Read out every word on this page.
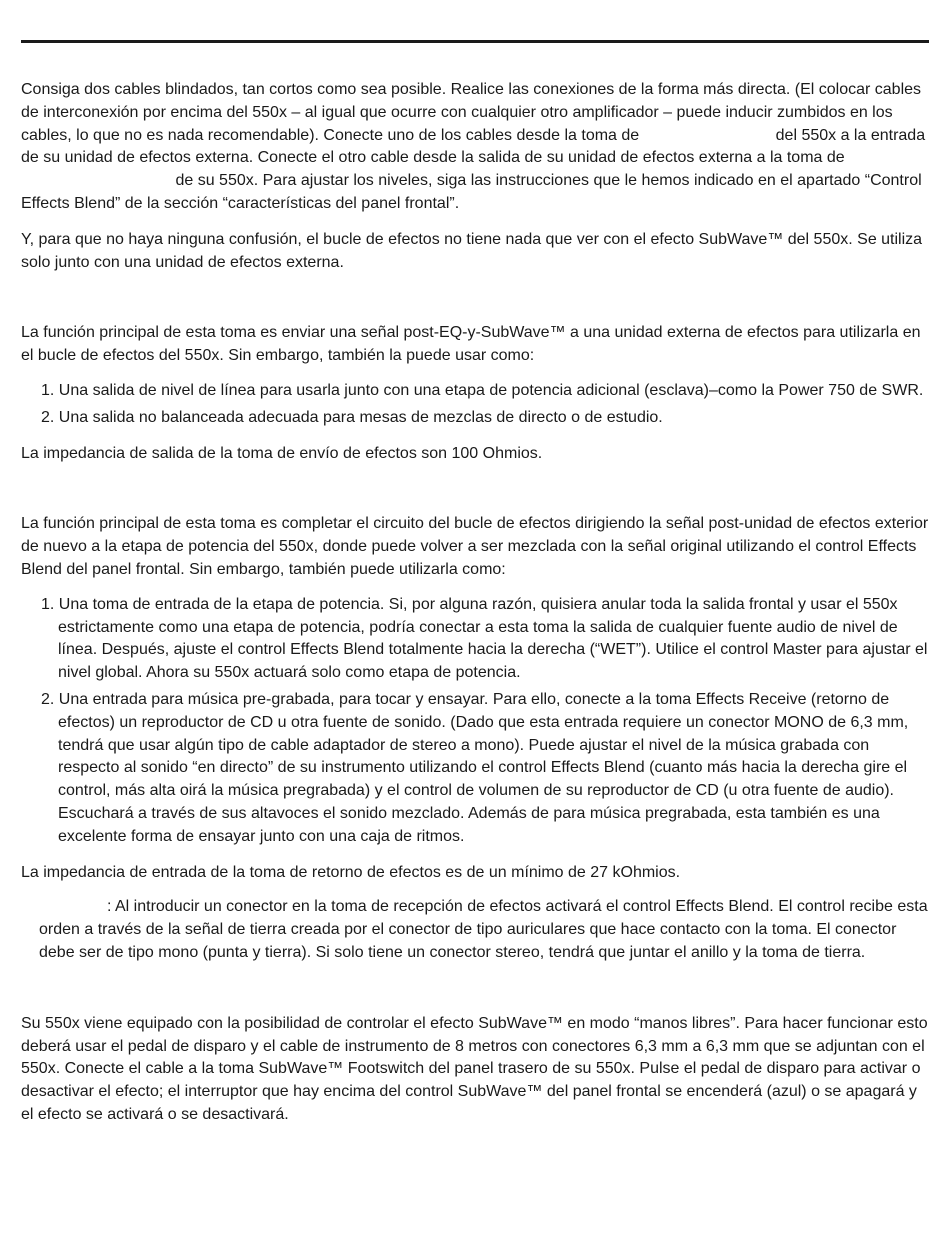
Consiga dos cables blindados, tan cortos como sea posible. Realice las conexiones de la forma más directa. (El colocar cables de interconexión por encima del 550x – al igual que ocurre con cualquier otro amplificador – puede inducir zumbidos en los cables, lo que no es nada recomendable). Conecte uno de los cables desde la toma de	del 550x a la entrada de su unidad de efectos externa. Conecte el otro cable desde la salida de su unidad de efectos externa a la toma de
de su 550x. Para ajustar los niveles, siga las instrucciones que le hemos indicado en el apartado “Control Effects Blend” de la sección “características del panel frontal”.

Y, para que no haya ninguna confusión, el bucle de efectos no tiene nada que ver con el efecto SubWave™ del 550x. Se utiliza solo junto con una unidad de efectos externa.

La función principal de esta toma es enviar una señal post-EQ-y-SubWave™ a una unidad externa de efectos para utilizarla en el bucle de efectos del 550x. Sin embargo, también la puede usar como:

1. Una salida de nivel de línea para usarla junto con una etapa de potencia adicional (esclava)–como la Power 750 de SWR.
2. Una salida no balanceada adecuada para mesas de mezclas de directo o de estudio.

La impedancia de salida de la toma de envío de efectos son 100 Ohmios.

La función principal de esta toma es completar el circuito del bucle de efectos dirigiendo la señal post-unidad de efectos exterior de nuevo a la etapa de potencia del 550x, donde puede volver a ser mezclada con la señal original utilizando el control Effects Blend del panel frontal. Sin embargo, también puede utilizarla como:

1. Una toma de entrada de la etapa de potencia. Si, por alguna razón, quisiera anular toda la salida frontal y usar el 550x estrictamente como una etapa de potencia, podría conectar a esta toma la salida de cualquier fuente audio de nivel de línea. Después, ajuste el control Effects Blend totalmente hacia la derecha (“WET”). Utilice el control Master para ajustar el nivel global. Ahora su 550x actuará solo como etapa de potencia.
2. Una entrada para música pre-grabada, para tocar y ensayar. Para ello, conecte a la toma Effects Receive (retorno de efectos) un reproductor de CD u otra fuente de sonido. (Dado que esta entrada requiere un conector MONO de 6,3 mm, tendrá que usar algún tipo de cable adaptador de stereo a mono). Puede ajustar el nivel de la música grabada con respecto al sonido “en directo” de su instrumento utilizando el control Effects Blend (cuanto más hacia la derecha gire el control, más alta oirá la música pregrabada) y el control de volumen de su reproductor de CD (u otra fuente de audio). Escuchará a través de sus altavoces el sonido mezclado. Además de para música pregrabada, esta también es una excelente forma de ensayar junto con una caja de ritmos.

La impedancia de entrada de la toma de retorno de efectos es de un mínimo de 27 kOhmios.

: Al introducir un conector en la toma de recepción de efectos activará el control Effects Blend. El control recibe esta orden a través de la señal de tierra creada por el conector de tipo auriculares que hace contacto con la toma. El conector debe ser de tipo mono (punta y tierra). Si solo tiene un conector stereo, tendrá que juntar el anillo y la toma de tierra.

Su 550x viene equipado con la posibilidad de controlar el efecto SubWave™ en modo “manos libres”. Para hacer funcionar esto deberá usar el pedal de disparo y el cable de instrumento de 8 metros con conectores 6,3 mm a 6,3 mm que se adjuntan con el 550x. Conecte el cable a la toma SubWave™ Footswitch del panel trasero de su 550x. Pulse el pedal de disparo para activar o desactivar el efecto; el interruptor que hay encima del control SubWave™ del panel frontal se encenderá (azul) o se apagará y el efecto se activará o se desactivará.
